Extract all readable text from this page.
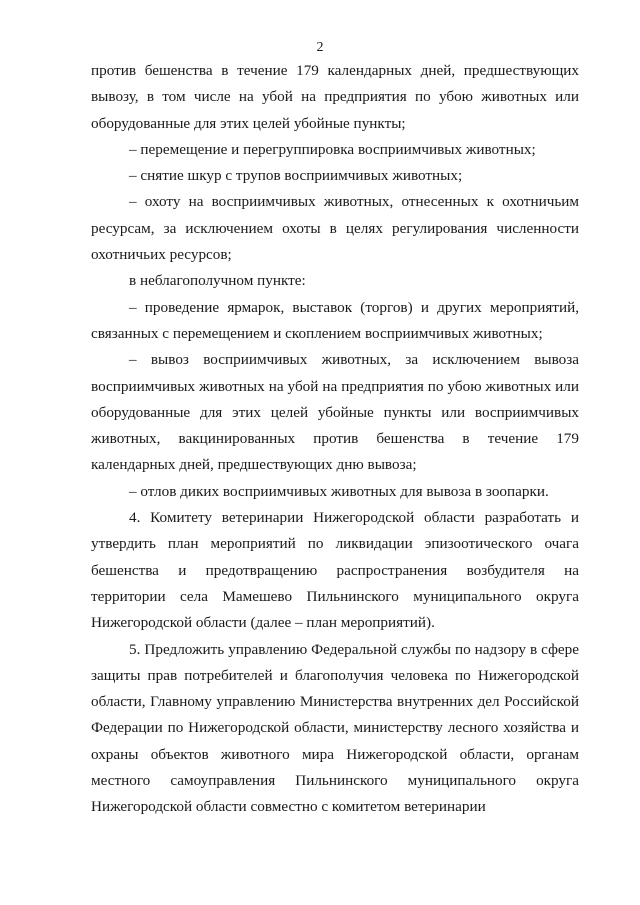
2

против бешенства в течение 179 календарных дней, предшествующих вывозу, в том числе на убой на предприятия по убою животных или оборудованные для этих целей убойные пункты;

– перемещение и перегруппировка восприимчивых животных;

– снятие шкур с трупов восприимчивых животных;

– охоту на восприимчивых животных, отнесенных к охотничьим ресурсам, за исключением охоты в целях регулирования численности охотничьих ресурсов;

в неблагополучном пункте:

– проведение ярмарок, выставок (торгов) и других мероприятий, связанных с перемещением и скоплением восприимчивых животных;

– вывоз восприимчивых животных, за исключением вывоза восприимчивых животных на убой на предприятия по убою животных или оборудованные для этих целей убойные пункты или восприимчивых животных, вакцинированных против бешенства в течение 179 календарных дней, предшествующих дню вывоза;

– отлов диких восприимчивых животных для вывоза в зоопарки.

4. Комитету ветеринарии Нижегородской области разработать и утвердить план мероприятий по ликвидации эпизоотического очага бешенства и предотвращению распространения возбудителя на территории села Мамешево Пильнинского муниципального округа Нижегородской области (далее – план мероприятий).

5. Предложить управлению Федеральной службы по надзору в сфере защиты прав потребителей и благополучия человека по Нижегородской области, Главному управлению Министерства внутренних дел Российской Федерации по Нижегородской области, министерству лесного хозяйства и охраны объектов животного мира Нижегородской области, органам местного самоуправления Пильнинского муниципального округа Нижегородской области совместно с комитетом ветеринарии
